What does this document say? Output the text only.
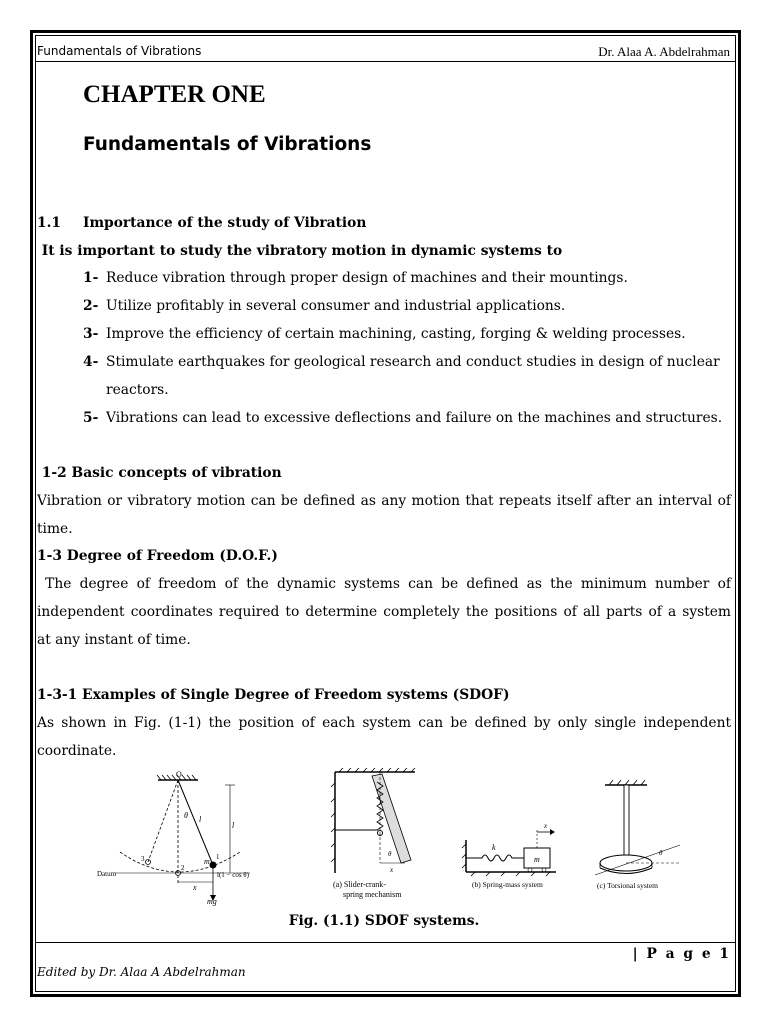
Fundamentals of Vibrations	Dr. Alaa A. Abdelrahman
CHAPTER ONE
Fundamentals of Vibrations
1.1 Importance of the study of Vibration
It is important to study the vibratory motion in dynamic systems to
1- Reduce vibration through proper design of machines and their mountings.
2- Utilize profitably in several consumer and industrial applications.
3- Improve the efficiency of certain machining, casting, forging & welding processes.
4- Stimulate earthquakes for geological research and conduct studies in design of nuclear
reactors.
5- Vibrations can lead to excessive deflections and failure on the machines and structures.
1-2 Basic concepts of vibration
Vibration or vibratory motion can be defined as any motion that repeats itself after an interval of
time.
1-3 Degree of Freedom (D.O.F.)
The degree of freedom of the dynamic systems can be defined as the minimum number of
independent coordinates required to determine completely the positions of all parts of a system
at any instant of time.
1-3-1 Examples of Single Degree of Freedom systems (SDOF)
As shown in Fig. (1-1) the position of each system can be defined by only single independent
coordinate.
O
θ l
l
m
mg
x
Datum
1
2
3
l(1 − cos θ)
θ
x
(a) Slider-crank-
spring mechanism
x
k
m
(b) Spring-mass system
θ
(c) Torsional system
Fig. (1.1) SDOF systems.
| P a g e 1
Edited by Dr. Alaa A Abdelrahman
